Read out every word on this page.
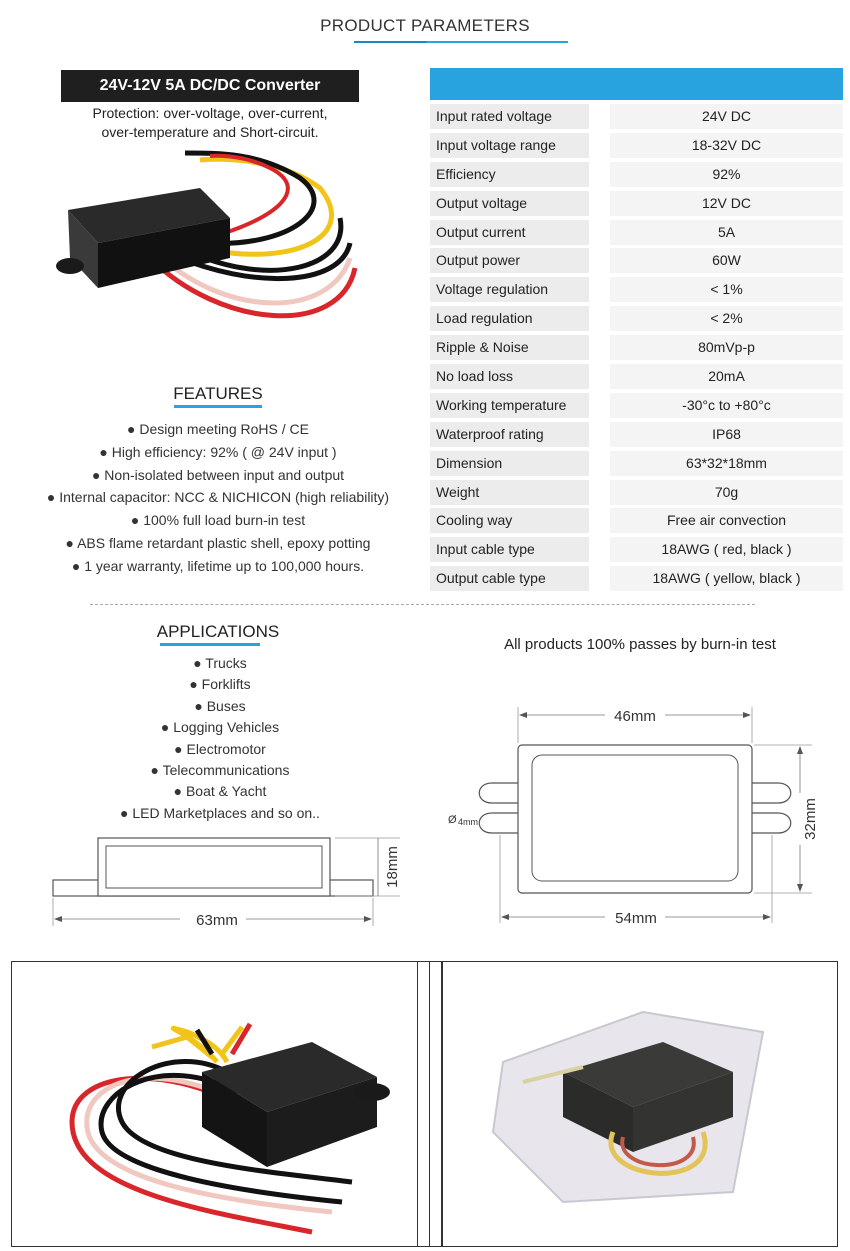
PRODUCT PARAMETERS
24V-12V 5A DC/DC Converter
Protection: over-voltage, over-current,
over-temperature and Short-circuit.
FEATURES
● Design meeting RoHS / CE
● High efficiency: 92% ( @ 24V input )
● Non-isolated between input and output
● Internal capacitor: NCC & NICHICON (high reliability)
● 100% full load burn-in test
● ABS flame retardant plastic shell, epoxy potting
● 1 year warranty, lifetime up to 100,000 hours.
Input rated voltage	24V DC
Input voltage range	18-32V DC
Efficiency	92%
Output voltage	12V DC
Output current	5A
Output power	60W
Voltage regulation	< 1%
Load regulation	< 2%
Ripple & Noise	80mVp-p
No load loss	20mA
Working temperature	-30°c to +80°c
Waterproof rating	IP68
Dimension	63*32*18mm
Weight	70g
Cooling way	Free air convection
Input cable type	18AWG ( red, black )
Output cable type	18AWG ( yellow, black )
APPLICATIONS
● Trucks
● Forklifts
● Buses
● Logging Vehicles
● Electromotor
● Telecommunications
● Boat & Yacht
● LED Marketplaces and so on..
All products 100% passes by burn-in test
18mm
63mm
Ø 4mm
46mm
54mm
32mm
